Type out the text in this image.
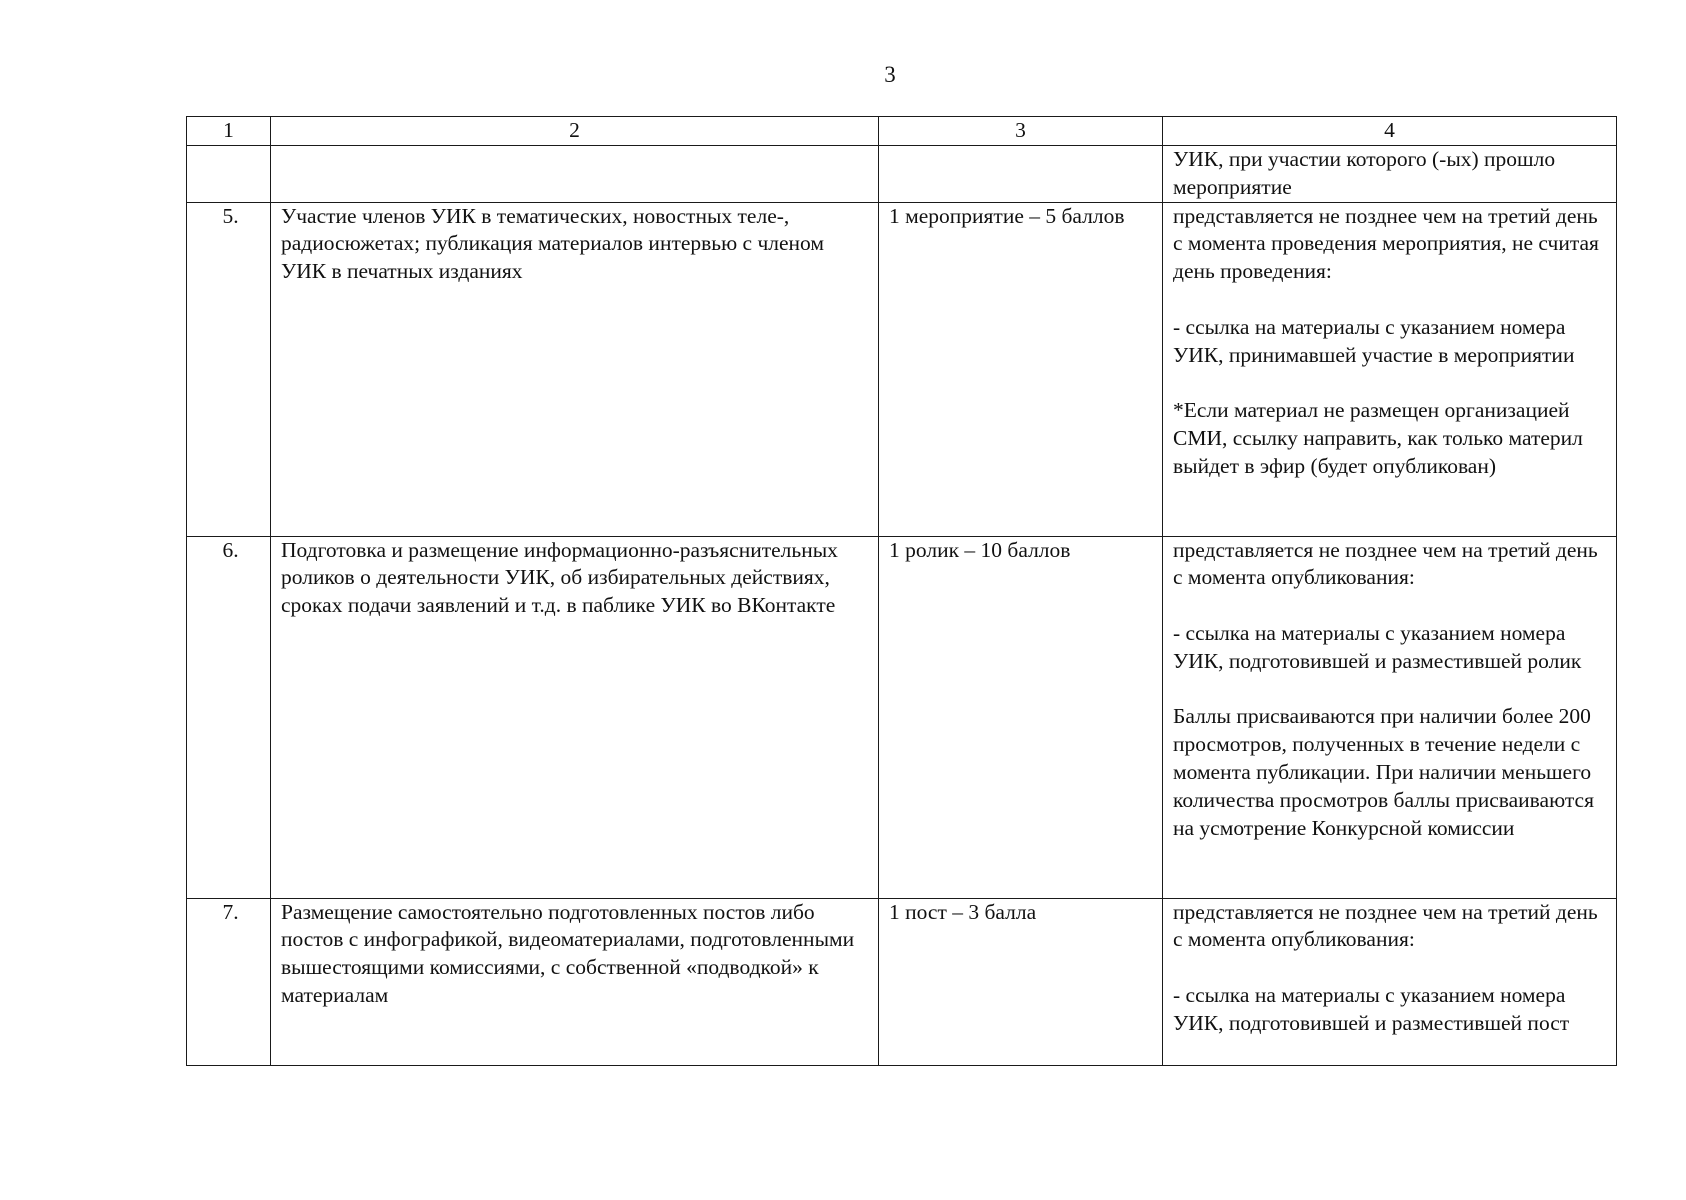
3
1	2	3	4

			УИК, при участии которого (-ых) прошло

мероприятие

5.	Участие членов УИК в тематических, новостных теле-, радиосюжетах; публикация материалов интервью с членом УИК в печатных изданиях	1 мероприятие – 5 баллов	представляется не позднее чем на третий день с момента проведения мероприятия, не считая день проведения:

- ссылка на материалы с указанием номера УИК, принимавшей участие в мероприятии

*Если материал не размещен организацией СМИ, ссылку направить, как только материл выйдет в эфир (будет опубликован)

6.	Подготовка и размещение информационно-разъяснительных роликов о деятельности УИК, об избирательных действиях, сроках подачи заявлений и т.д. в паблике УИК во ВКонтакте	1 ролик – 10 баллов	представляется не позднее чем на третий день с момента опубликования:

- ссылка на материалы с указанием номера УИК, подготовившей и разместившей ролик

Баллы присваиваются при наличии более 200 просмотров, полученных в течение недели с момента публикации. При наличии меньшего количества просмотров баллы присваиваются на усмотрение Конкурсной комиссии

7.	Размещение самостоятельно подготовленных постов либо постов с инфографикой, видеоматериалами, подготовленными вышестоящими комиссиями, с собственной «подводкой» к материалам	1 пост – 3 балла	представляется не позднее чем на третий день с момента опубликования:

- ссылка на материалы с указанием номера УИК, подготовившей и разместившей пост
